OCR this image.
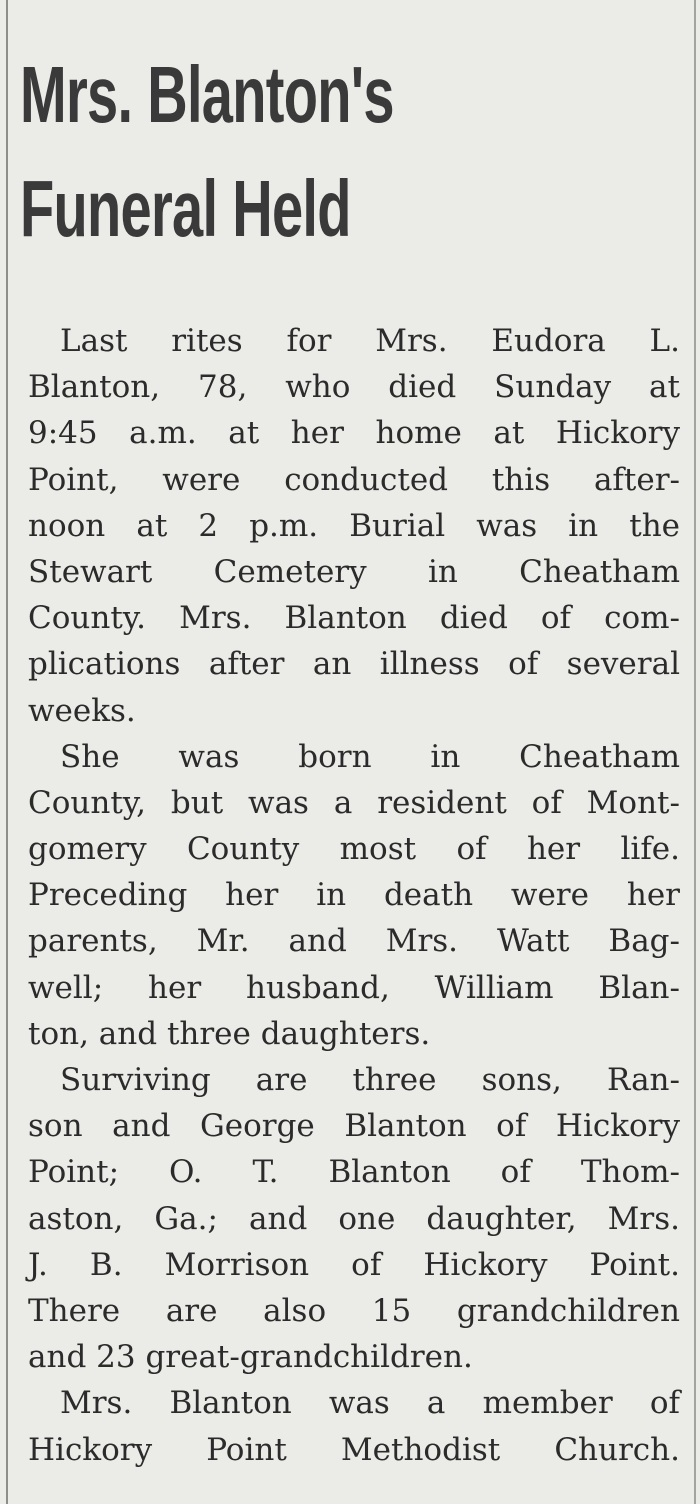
Mrs. Blanton's
Funeral Held
Last rites for Mrs. Eudora L.
Blanton, 78, who died Sunday at
9:45 a.m. at her home at Hickory
Point, were conducted this after-
noon at 2 p.m. Burial was in the
Stewart Cemetery in Cheatham
County. Mrs. Blanton died of com-
plications after an illness of several
weeks.
She was born in Cheatham
County, but was a resident of Mont-
gomery County most of her life.
Preceding her in death were her
parents, Mr. and Mrs. Watt Bag-
well; her husband, William Blan-
ton, and three daughters.
Surviving are three sons, Ran-
son and George Blanton of Hickory
Point; O. T. Blanton of Thom-
aston, Ga.; and one daughter, Mrs.
J. B. Morrison of Hickory Point.
There are also 15 grandchildren
and 23 great-grandchildren.
Mrs. Blanton was a member of
Hickory Point Methodist Church.
